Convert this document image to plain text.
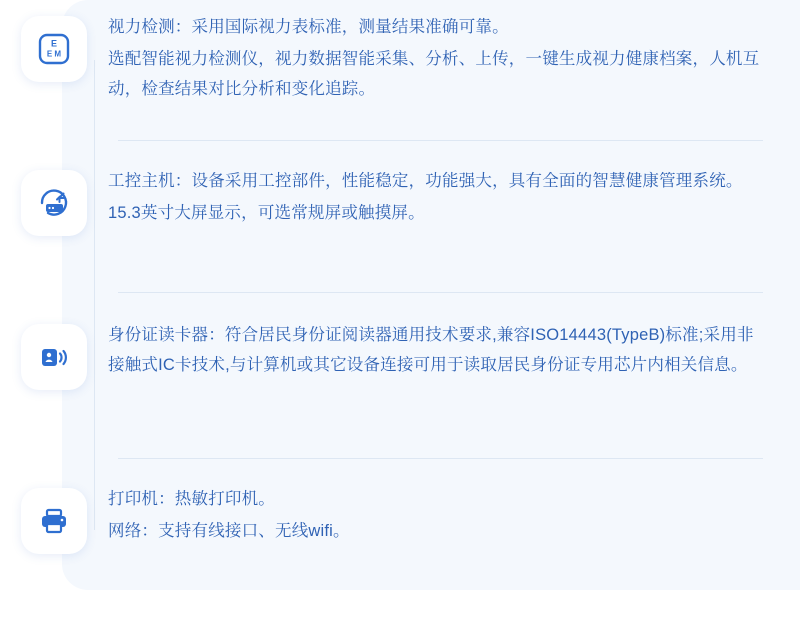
E
E M

视力检测：采用国际视力表标准，测量结果准确可靠。

选配智能视力检测仪，视力数据智能采集、分析、上传，一键生成视力健康档案，人机互动，检查结果对比分析和变化追踪。

工控主机：设备采用工控部件，性能稳定，功能强大，具有全面的智慧健康管理系统。

15.3英寸大屏显示，可选常规屏或触摸屏。

身份证读卡器：符合居民身份证阅读器通用技术要求,兼容ISO14443(TypeB)标准;采用非接触式IC卡技术,与计算机或其它设备连接可用于读取居民身份证专用芯片内相关信息。

打印机：热敏打印机。

网络：支持有线接口、无线wifi。
